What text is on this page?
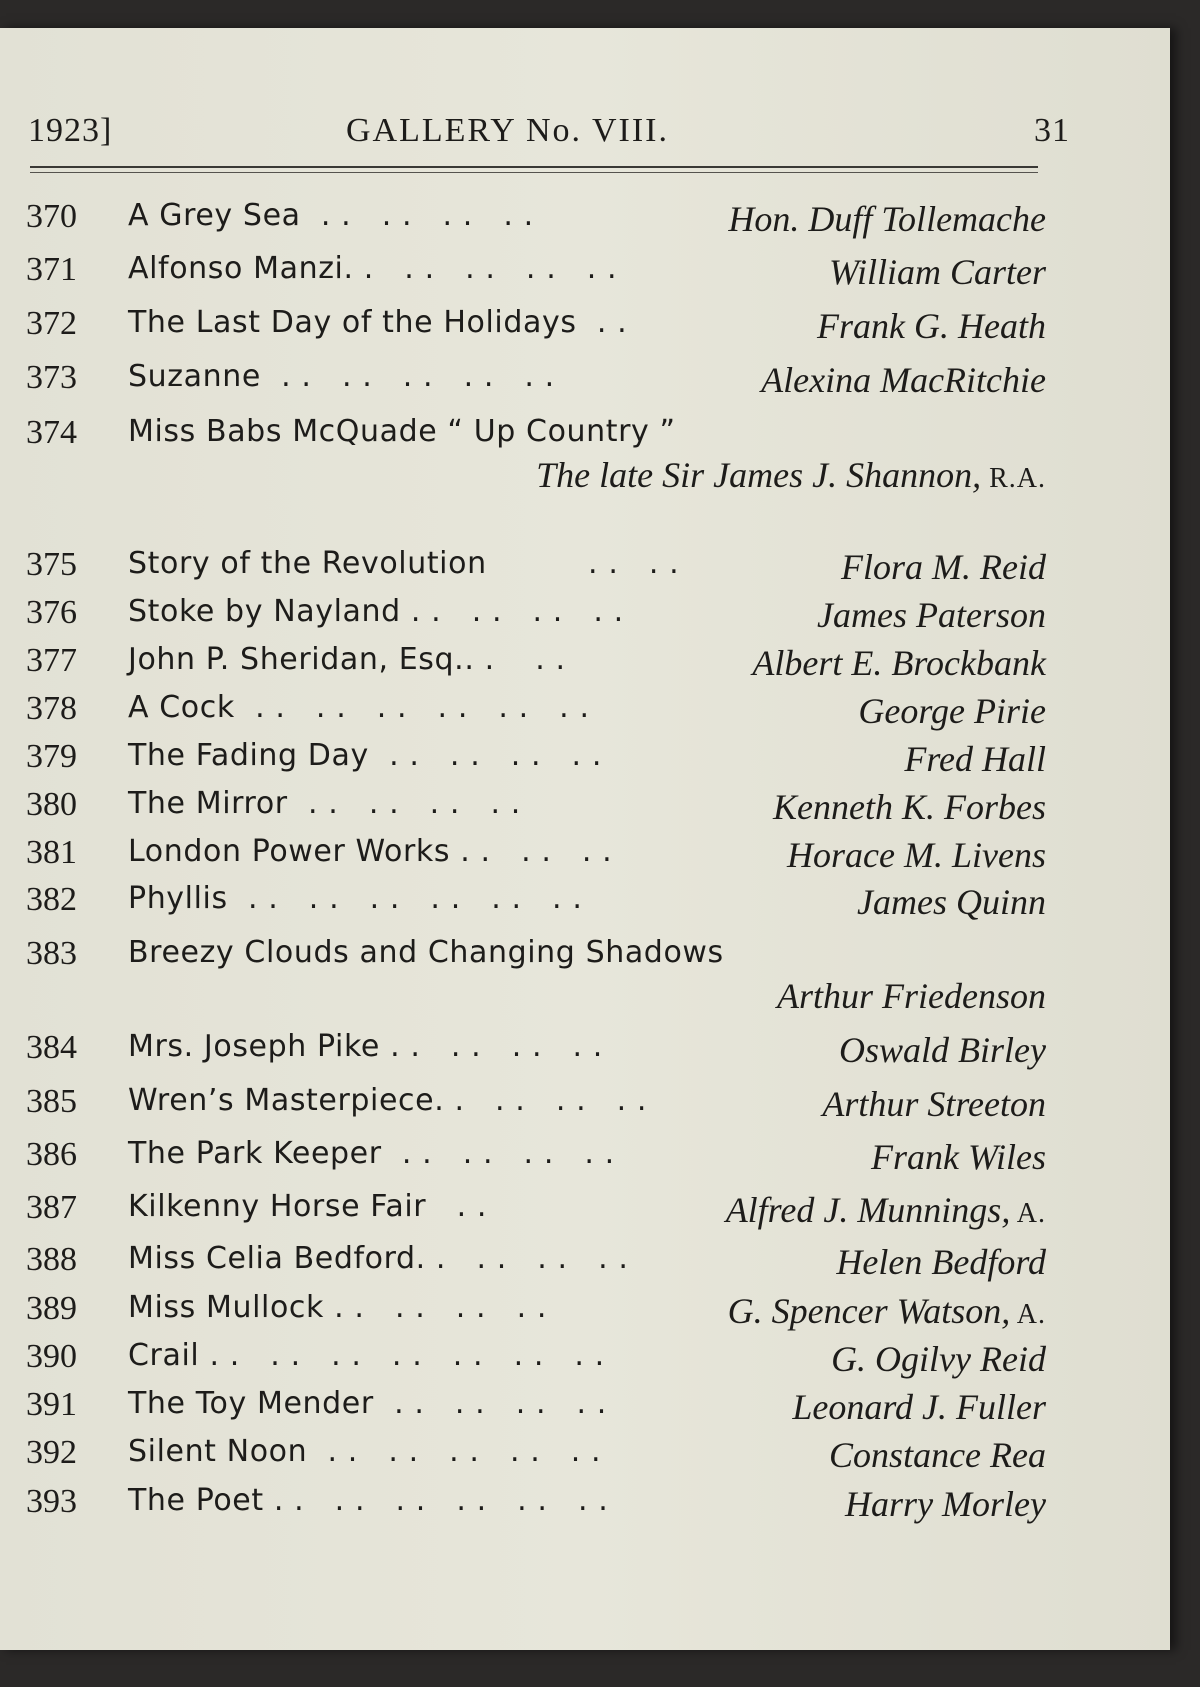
1923]	GALLERY No. VIII.	31
370	A Grey Sea  . .   . .   . .   . .	Hon. Duff Tollemache
371	Alfonso Manzi. .   . .   . .   . .   . .	William Carter
372	The Last Day of the Holidays  . .	Frank G. Heath
373	Suzanne  . .   . .   . .   . .   . .	Alexina MacRitchie
374	Miss Babs McQuade “ Up Country ”
The late Sir James J. Shannon, R.A.
375	Story of the Revolution          . .   . .	Flora M. Reid
376	Stoke by Nayland . .   . .   . .   . .	James Paterson
377	John P. Sheridan, Esq.. .    . .	Albert E. Brockbank
378	A Cock  . .   . .   . .   . .   . .   . .	George Pirie
379	The Fading Day  . .   . .   . .   . .	Fred Hall
380	The Mirror  . .   . .   . .   . .	Kenneth K. Forbes
381	London Power Works . .   . .   . .	Horace M. Livens
382	Phyllis  . .   . .   . .   . .   . .   . .	James Quinn
383	Breezy Clouds and Changing Shadows
Arthur Friedenson
384	Mrs. Joseph Pike . .   . .   . .   . .	Oswald Birley
385	Wren’s Masterpiece. .   . .   . .   . .	Arthur Streeton
386	The Park Keeper  . .   . .   . .   . .	Frank Wiles
387	Kilkenny Horse Fair   . .	Alfred J. Munnings, A.
388	Miss Celia Bedford. .   . .   . .   . .	Helen Bedford
389	Miss Mullock . .   . .   . .   . .	G. Spencer Watson, A.
390	Crail . .   . .   . .   . .   . .   . .   . .	G. Ogilvy Reid
391	The Toy Mender  . .   . .   . .   . .	Leonard J. Fuller
392	Silent Noon  . .   . .   . .   . .   . .	Constance Rea
393	The Poet . .   . .   . .   . .   . .   . .	Harry Morley
